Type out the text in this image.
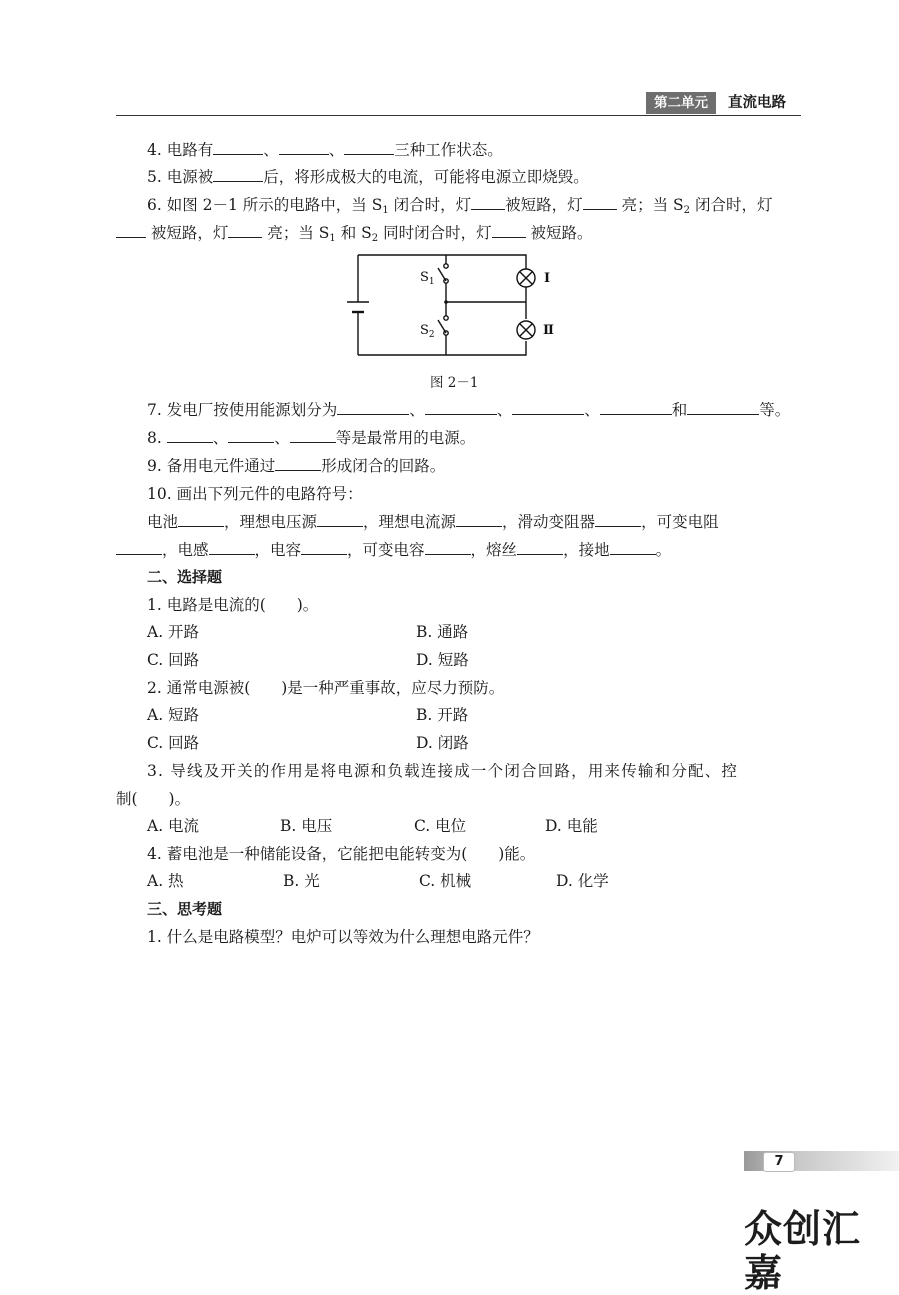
第二单元	直流电路
4. 电路有	、	、	三种工作状态。
5. 电源被	后，将形成极大的电流，可能将电源立即烧毁。
6. 如图 2－1 所示的电路中，当 $S_1$ 闭合时，灯 被短路，灯 亮；当 $S_2$ 闭合时，灯
被短路，灯 亮；当 $S_1$ 和 $S_2$ 同时闭合时，灯 被短路。
$S_1$
$S_2$
Ⅰ
Ⅱ
图 2－1
7. 发电厂按使用能源划分为	、	、	、	和	等。
8.	、	、	等是最常用的电源。
9. 备用电元件通过	形成闭合的回路。
10. 画出下列元件的电路符号：
电池	，理想电压源	，理想电流源	，滑动变阻器	，可变电阻
，电感	，电容	，可变电容	，熔丝	，接地	。
二、选择题
1. 电路是电流的(　　)。
A. 开路	B. 通路
C. 回路	D. 短路
2. 通常电源被(　　)是一种严重事故，应尽力预防。
A. 短路	B. 开路
C. 回路	D. 闭路
3. 导线及开关的作用是将电源和负载连接成一个闭合回路，用来传输和分配、控
制(　　)。
A. 电流	B. 电压	C. 电位	D. 电能
4. 蓄电池是一种储能设备，它能把电能转变为(　　)能。
A. 热	B. 光	C. 机械	D. 化学
三、思考题
1. 什么是电路模型？电炉可以等效为什么理想电路元件？
7
众创汇嘉
